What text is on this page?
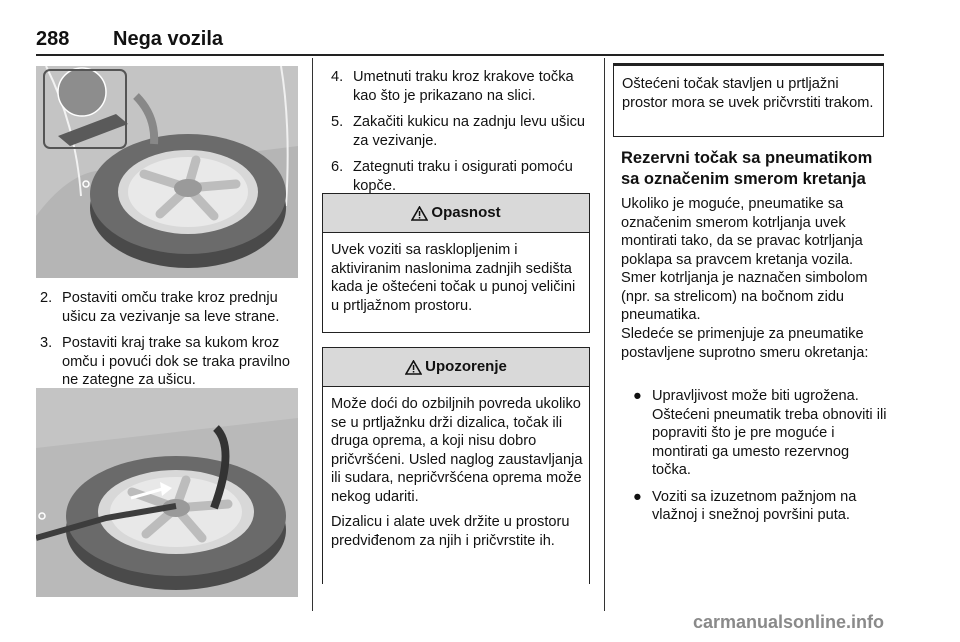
288 Nega vozila
2. Postaviti omču trake kroz prednju ušicu za vezivanje sa leve strane.
3. Postaviti kraj trake sa kukom kroz omču i povući dok se traka pravilno ne zategne za ušicu.
4. Umetnuti traku kroz krakove točka kao što je prikazano na slici.
5. Zakačiti kukicu na zadnju levu ušicu za vezivanje.
6. Zategnuti traku i osigurati pomoću kopče.
Opasnost

Uvek voziti sa rasklopljenim i aktiviranim naslonima zadnjih sedišta kada je oštećeni točak u punoj veličini u prtljažnom prostoru.

Upozorenje

Može doći do ozbiljnih povreda ukoliko se u prtljažnku drži dizalica, točak ili druga oprema, a koji nisu dobro pričvršćeni. Usled naglog zaustavljanja ili sudara, nepričvršćena oprema može nekog udariti.

Dizalicu i alate uvek držite u prostoru predviđenom za njih i pričvrstite ih.

Oštećeni točak stavljen u prtljažni prostor mora se uvek pričvrstiti trakom.
Rezervni točak sa pneumatikom sa označenim smerom kretanja
Ukoliko je moguće, pneumatike sa označenim smerom kotrljanja uvek montirati tako, da se pravac kotrljanja poklapa sa pravcem kretanja vozila. Smer kotrljanja je naznačen simbolom (npr. sa strelicom) na bočnom zidu pneumatika.
Sledeće se primenjuje za pneumatike postavljene suprotno smeru okretanja:
● Upravljivost može biti ugrožena. Oštećeni pneumatik treba obnoviti ili popraviti što je pre moguće i montirati ga umesto rezervnog točka.
● Voziti sa izuzetnom pažnjom na vlažnoj i snežnoj površini puta.
carmanualsonline.info
